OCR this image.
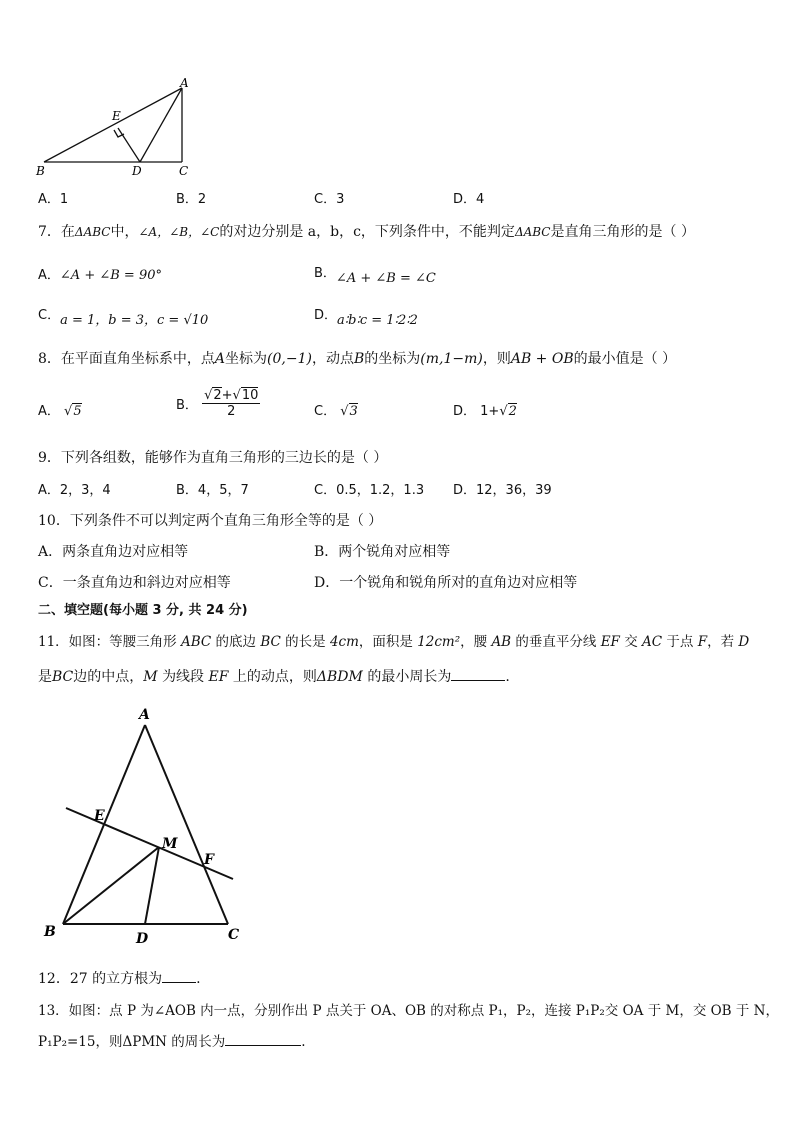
A
B	C
D
E
A．1	B．2	C．3	D．4
7．在ΔABC中，∠A，∠B，∠C的对边分别是 a，b，c，下列条件中，不能判定ΔABC是直角三角形的是（ ）
A．∠A + ∠B = 90°	B．∠A + ∠B = ∠C
C．a = 1，b = 3，c = √10	D．a∶b∶c = 1∶2∶2
8．在平面直角坐标系中，点A坐标为(0,−1)，动点B的坐标为(m,1−m)，则AB + OB的最小值是（ ）
A． √5	B． $\frac{√2+√10}{2}$	C． √3	D． 1+√2
9．下列各组数，能够作为直角三角形的三边长的是（ ）
A．2，3，4	B．4，5，7	C．0.5，1.2，1.3 D．12，36，39
10．下列条件不可以判定两个直角三角形全等的是（ ）
A．两条直角边对应相等	B．两个锐角对应相等
C．一条直角边和斜边对应相等	D．一个锐角和锐角所对的直角边对应相等
二、填空题(每小题 3 分, 共 24 分)
11．如图：等腰三角形 ABC 的底边 BC 的长是 4cm，面积是 12cm²，腰 AB 的垂直平分线 EF 交 AC 于点 F，若 D
是BC边的中点，M 为线段 EF 上的动点，则ΔBDM 的最小周长为	.
A
B	C
D
E
F
M
12．27 的立方根为 .
13．如图：点 P 为∠AOB 内一点，分别作出 P 点关于 OA、OB 的对称点 P₁，P₂，连接 P₁P₂交 OA 于 M，交 OB 于 N，
P₁P₂=15，则ΔPMN 的周长为	.
